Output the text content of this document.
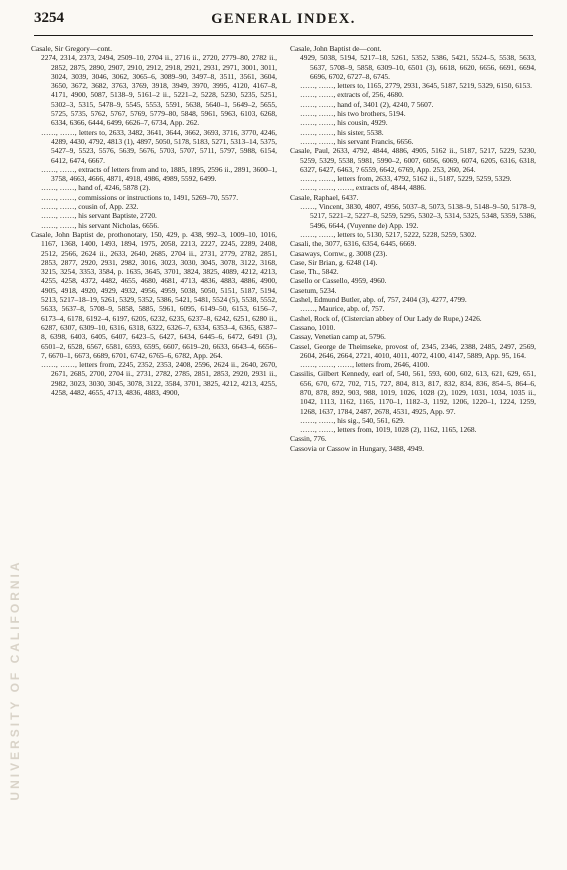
3254	GENERAL INDEX.
UNIVERSITY OF CALIFORNIA

Casale, Sir Gregory—cont.

2274, 2314, 2373, 2494, 2509–10, 2704 ii., 2716 ii., 2720, 2779–80, 2782 ii., 2852, 2875, 2890, 2907, 2910, 2912, 2918, 2921, 2931, 2971, 3001, 3011, 3024, 3039, 3046, 3062, 3065–6, 3089–90, 3497–8, 3511, 3561, 3604, 3650, 3672, 3682, 3763, 3769, 3918, 3949, 3970, 3995, 4120, 4167–8, 4171, 4900, 5087, 5138–9, 5161–2 ii., 5221–2, 5228, 5230, 5235, 5251, 5302–3, 5315, 5478–9, 5545, 5553, 5591, 5638, 5640–1, 5649–2, 5655, 5725, 5735, 5762, 5767, 5769, 5779–80, 5848, 5961, 5963, 6103, 6268, 6334, 6366, 6444, 6499, 6626–7, 6734, App. 262.

……, ……, letters to, 2633, 3482, 3641, 3644, 3662, 3693, 3716, 3770, 4246, 4289, 4430, 4792, 4813 (1), 4897, 5050, 5178, 5183, 5271, 5313–14, 5375, 5427–9, 5523, 5576, 5639, 5676, 5703, 5707, 5711, 5797, 5988, 6154, 6412, 6474, 6667.

……, ……, extracts of letters from and to, 1885, 1895, 2596 ii., 2891, 3600–1, 3758, 4663, 4666, 4871, 4918, 4986, 4989, 5592, 6499.

……, ……, hand of, 4246, 5878 (2).

……, ……, commissions or instructions to, 1491, 5269–70, 5577.

……, ……, cousin of, App. 232.

……, ……, his servant Baptiste, 2720.

……, ……, his servant Nicholas, 6656.

Casale, John Baptist de, prothonotary, 150, 429, p. 438, 992–3, 1009–10, 1016, 1167, 1368, 1400, 1493, 1894, 1975, 2058, 2213, 2227, 2245, 2289, 2408, 2512, 2566, 2624 ii., 2633, 2640, 2685, 2704 ii., 2731, 2779, 2782, 2851, 2853, 2877, 2920, 2931, 2982, 3016, 3023, 3030, 3045, 3078, 3122, 3168, 3215, 3254, 3353, 3584, p. 1635, 3645, 3701, 3824, 3825, 4089, 4212, 4213, 4255, 4258, 4372, 4482, 4655, 4680, 4681, 4713, 4836, 4883, 4886, 4900, 4905, 4918, 4920, 4929, 4932, 4956, 4959, 5038, 5050, 5151, 5187, 5194, 5213, 5217–18–19, 5261, 5329, 5352, 5386, 5421, 5481, 5524 (5), 5538, 5552, 5633, 5637–8, 5708–9, 5858, 5885, 5961, 6095, 6149–50, 6153, 6156–7, 6173–4, 6178, 6192–4, 6197, 6205, 6232, 6235, 6237–8, 6242, 6251, 6280 ii., 6287, 6307, 6309–10, 6316, 6318, 6322, 6326–7, 6334, 6353–4, 6365, 6387–8, 6398, 6403, 6405, 6407, 6423–5, 6427, 6434, 6445–6, 6472, 6491 (3), 6501–2, 6528, 6567, 6581, 6593, 6595, 6607, 6619–20, 6633, 6643–4, 6656–7, 6670–1, 6673, 6689, 6701, 6742, 6765–6, 6782, App. 264.

……, ……, letters from, 2245, 2352, 2353, 2408, 2596, 2624 ii., 2640, 2670, 2671, 2685, 2700, 2704 ii., 2731, 2782, 2785, 2851, 2853, 2920, 2931 ii., 2982, 3023, 3030, 3045, 3078, 3122, 3584, 3701, 3825, 4212, 4213, 4255, 4258, 4482, 4655, 4713, 4836, 4883, 4900,

Casale, John Baptist de—cont.

4929, 5038, 5194, 5217–18, 5261, 5352, 5386, 5421, 5524–5, 5538, 5633, 5637, 5708–9, 5858, 6309–10, 6501 (3), 6618, 6620, 6656, 6691, 6694, 6696, 6702, 6727–8, 6745.

……, ……, letters to, 1165, 2779, 2931, 3645, 5187, 5219, 5329, 6150, 6153.

……, ……, extracts of, 256, 4680.

……, ……, hand of, 3401 (2), 4240, 7 5607.

……, ……, his two brothers, 5194.

……, ……, his cousin, 4929.

……, ……, his sister, 5538.

……, ……, his servant Francis, 6656.

Casale, Paul, 2633, 4792, 4844, 4886, 4905, 5162 ii., 5187, 5217, 5229, 5230, 5259, 5329, 5538, 5981, 5990–2, 6007, 6056, 6069, 6074, 6205, 6316, 6318, 6327, 6427, 6463, ? 6559, 6642, 6769, App. 253, 260, 264.

……, ……, letters from, 2633, 4792, 5162 ii., 5187, 5229, 5259, 5329.

……, ……, ……, extracts of, 4844, 4886.

Casale, Raphael, 6437.

……, Vincent, 3830, 4807, 4956, 5037–8, 5073, 5138–9, 5148–9–50, 5178–9, 5217, 5221–2, 5227–8, 5259, 5295, 5302–3, 5314, 5325, 5348, 5359, 5386, 5496, 6644, (Vuyenne de) App. 192.

……, ……, letters to, 5130, 5217, 5222, 5228, 5259, 5302.

Casali, the, 3077, 6316, 6354, 6445, 6669.

Casaways, Cornw., g. 3008 (23).

Case, Sir Brian, g. 6248 (14).

Case, Th., 5842.

Casello or Cassello, 4959, 4960.

Casetum, 5234.

Cashel, Edmund Butler, abp. of, 757, 2404 (3), 4277, 4799.

……, Maurice, abp. of, 757.

Cashel, Rock of, (Cistercian abbey of Our Lady de Rupe,) 2426.

Cassano, 1010.

Cassay, Venetian camp at, 5796.

Cassel, George de Theimseke, provost of, 2345, 2346, 2388, 2485, 2497, 2569, 2604, 2646, 2664, 2721, 4010, 4011, 4072, 4100, 4147, 5889, App. 95, 164.

……, ……, ……, letters from, 2646, 4100.

Cassilis, Gilbert Kennedy, earl of, 540, 561, 593, 600, 602, 613, 621, 629, 651, 656, 670, 672, 702, 715, 727, 804, 813, 817, 832, 834, 836, 854–5, 864–6, 870, 878, 892, 903, 988, 1019, 1026, 1028 (2), 1029, 1031, 1034, 1035 ii., 1042, 1113, 1162, 1165, 1170–1, 1182–3, 1192, 1206, 1220–1, 1224, 1259, 1268, 1637, 1784, 2487, 2678, 4531, 4925, App. 97.

……, ……, his sig., 540, 561, 629.

……, ……, letters from, 1019, 1028 (2), 1162, 1165, 1268.

Cassin, 776.

Cassovia or Cassow in Hungary, 3488, 4949.
